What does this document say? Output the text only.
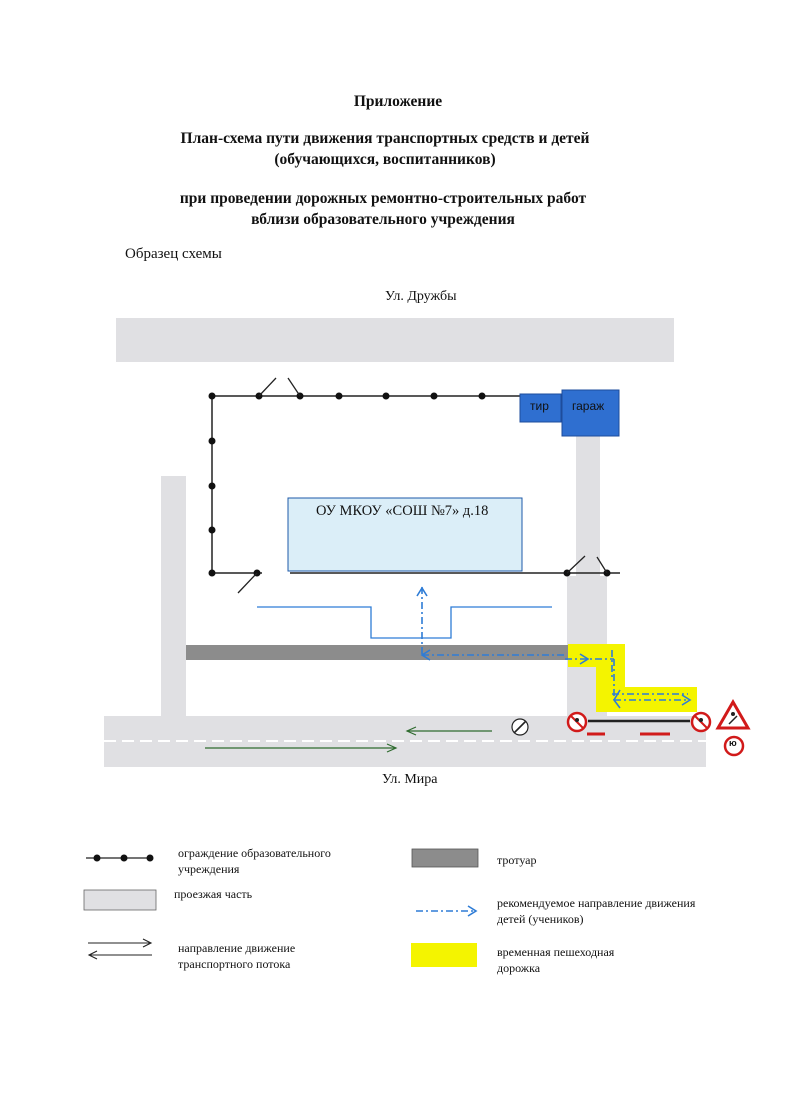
Приложение
План-схема пути движения транспортных средств и детей
(обучающихся, воспитанников)
при проведении дорожных ремонтно-строительных работ
вблизи образовательного учреждения
Образец схемы
Ул. Дружбы
Ул. Мира
ОУ МКОУ «СОШ №7» д.18
тир гараж
ю
ограждение образовательного учреждения
проезжая часть
направление движение
транспортного потока
тротуар
рекомендуемое направление движения
детей (учеников)
временная пешеходная
дорожка
